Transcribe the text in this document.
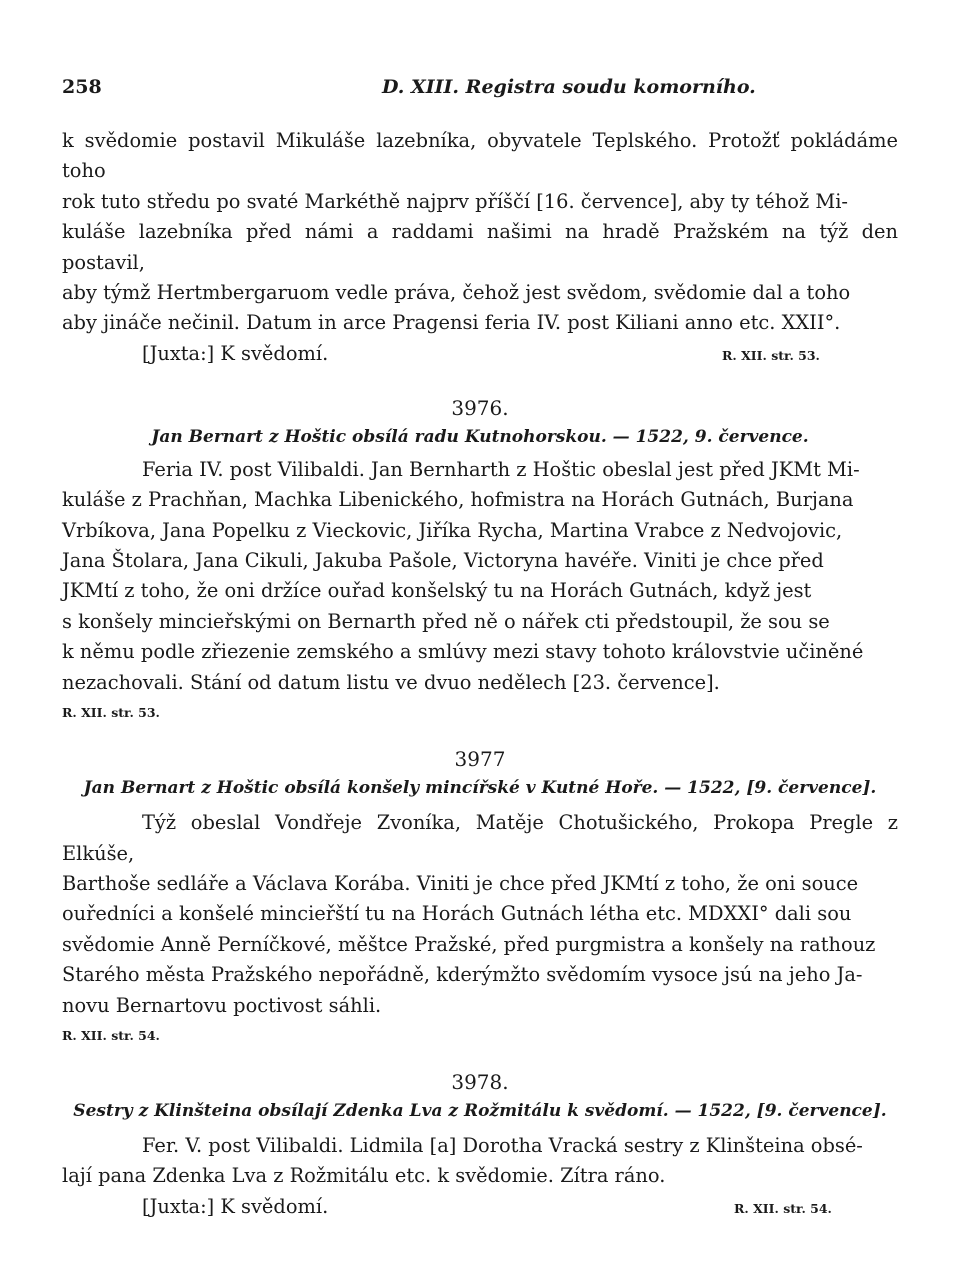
258	D. XIII. Registra soudu komorního.

k svědomie postavil Mikuláše lazebníka, obyvatele Teplského. Protožť pokládáme toho

rok tuto středu po svaté Markéthě najprv příščí [16. července], aby ty téhož Mi-

kuláše lazebníka před námi a raddami našimi na hradě Pražském na týž den postavil,

aby týmž Hertmbergaruom vedle práva, čehož jest svědom, svědomie dal a toho

aby jináče nečinil. Datum in arce Pragensi feria IV. post Kiliani anno etc. XXII°.

[Juxta:] K svědomí.	R. XII. str. 53.

3976.

Jan Bernart z Hoštic obsílá radu Kutnohorskou. — 1522, 9. července.

Feria IV. post Vilibaldi. Jan Bernharth z Hoštic obeslal jest před JKMt Mi-

kuláše z Prachňan, Machka Libenického, hofmistra na Horách Gutnách, Burjana

Vrbíkova, Jana Popelku z Vieckovic, Jiříka Rycha, Martina Vrabce z Nedvojovic,

Jana Štolara, Jana Cikuli, Jakuba Pašole, Victoryna havéře. Viniti je chce před

JKMtí z toho, že oni držíce ouřad konšelský tu na Horách Gutnách, když jest

s konšely mincieřskými on Bernarth před ně o nářek cti předstoupil, že sou se

k němu podle zřiezenie zemského a smlúvy mezi stavy tohoto královstvie učiněné

nezachovali. Stání od datum listu ve dvuo nedělech [23. července].

R. XII. str. 53.

3977

Jan Bernart z Hoštic obsílá konšely mincířské v Kutné Hoře. — 1522, [9. července].

Týž obeslal Vondřeje Zvoníka, Matěje Chotušického, Prokopa Pregle z Elkúše,

Barthoše sedláře a Václava Korába. Viniti je chce před JKMtí z toho, že oni souce

ouředníci a konšelé mincieřští tu na Horách Gutnách létha etc. MDXXI° dali sou

svědomie Anně Perníčkové, měštce Pražské, před purgmistra a konšely na rathouz

Starého města Pražského nepořádně, kderýmžto svědomím vysoce jsú na jeho Ja-

novu Bernartovu poctivost sáhli.

R. XII. str. 54.

3978.

Sestry z Klinšteina obsílají Zdenka Lva z Rožmitálu k svědomí. — 1522, [9. července].

Fer. V. post Vilibaldi. Lidmila [a] Dorotha Vracká sestry z Klinšteina obsé-

lají pana Zdenka Lva z Rožmitálu etc. k svědomie. Zítra ráno.

[Juxta:] K svědomí.	R. XII. str. 54.
